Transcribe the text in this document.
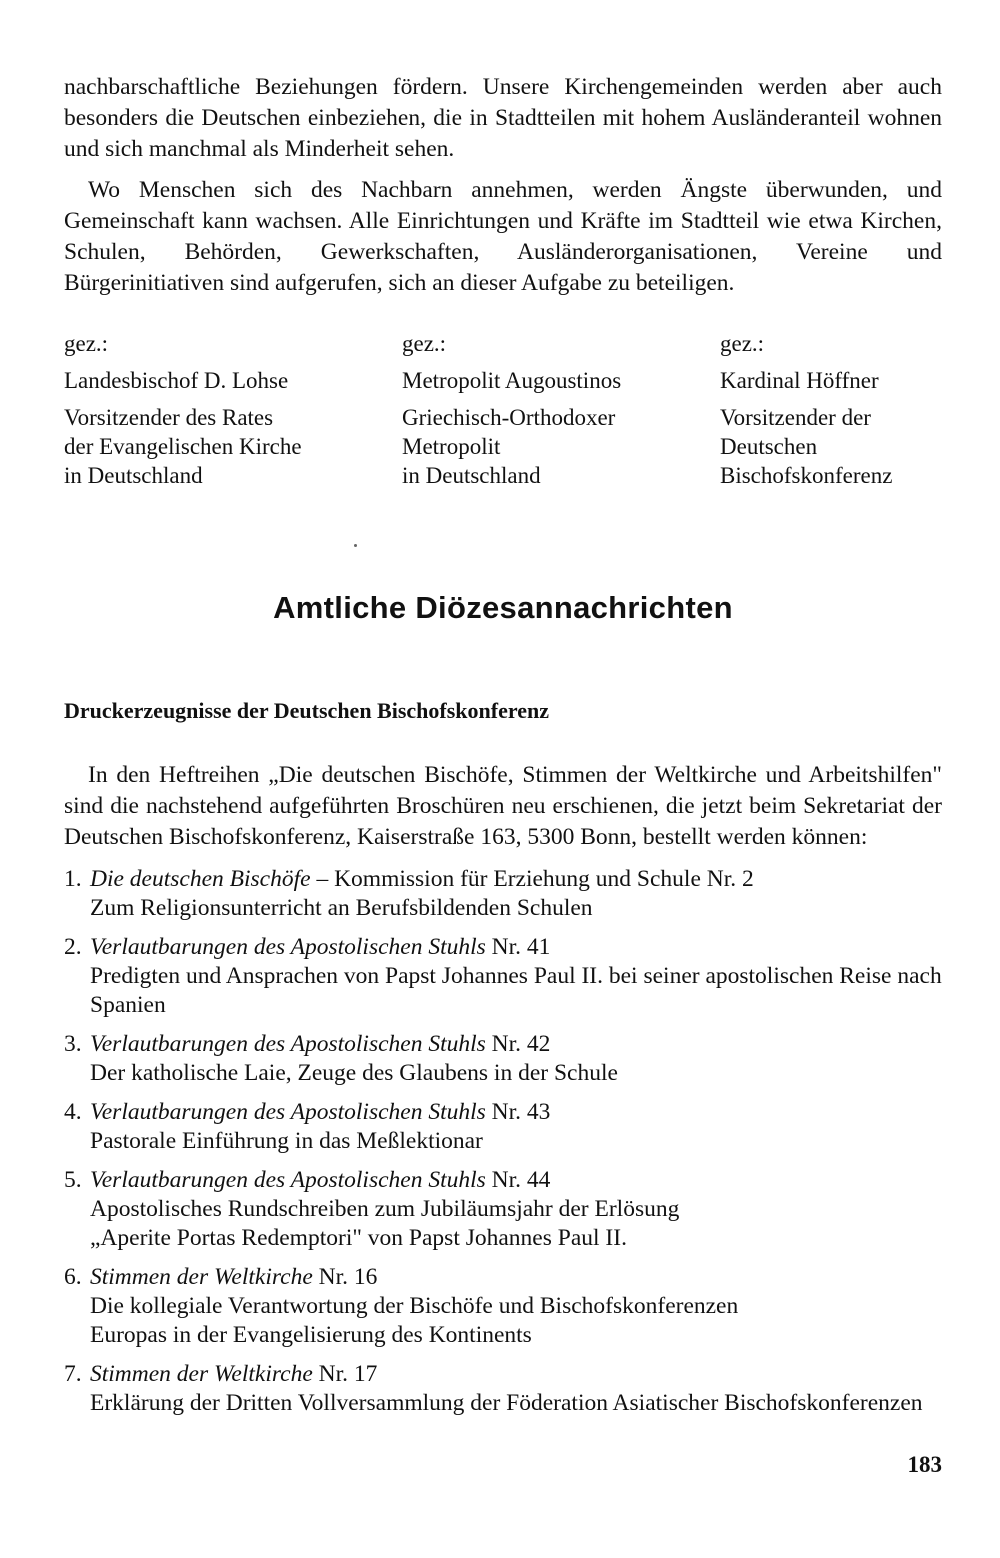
nachbarschaftliche Beziehungen fördern. Unsere Kirchengemeinden werden aber auch besonders die Deutschen einbeziehen, die in Stadtteilen mit hohem Ausländeranteil wohnen und sich manchmal als Minderheit sehen.

Wo Menschen sich des Nachbarn annehmen, werden Ängste überwunden, und Gemeinschaft kann wachsen. Alle Einrichtungen und Kräfte im Stadtteil wie etwa Kirchen, Schulen, Behörden, Gewerkschaften, Ausländerorganisationen, Vereine und Bürgerinitiativen sind aufgerufen, sich an dieser Aufgabe zu beteiligen.

gez.:
Landesbischof D. Lohse
Vorsitzender des Rates
der Evangelischen Kirche
in Deutschland
gez.:
Metropolit Augoustinos
Griechisch-Orthodoxer
Metropolit
in Deutschland
gez.:
Kardinal Höffner
Vorsitzender der
Deutschen
Bischofskonferenz
Amtliche Diözesannachrichten
Druckerzeugnisse der Deutschen Bischofskonferenz

In den Heftreihen „Die deutschen Bischöfe, Stimmen der Weltkirche und Arbeitshilfen" sind die nachstehend aufgeführten Broschüren neu erschienen, die jetzt beim Sekretariat der Deutschen Bischofskonferenz, Kaiserstraße 163, 5300 Bonn, bestellt werden können:

1. Die deutschen Bischöfe – Kommission für Erziehung und Schule Nr. 2
Zum Religionsunterricht an Berufsbildenden Schulen
2. Verlautbarungen des Apostolischen Stuhls Nr. 41
Predigten und Ansprachen von Papst Johannes Paul II. bei seiner apostolischen Reise nach Spanien
3. Verlautbarungen des Apostolischen Stuhls Nr. 42
Der katholische Laie, Zeuge des Glaubens in der Schule
4. Verlautbarungen des Apostolischen Stuhls Nr. 43
Pastorale Einführung in das Meßlektionar
5. Verlautbarungen des Apostolischen Stuhls Nr. 44
Apostolisches Rundschreiben zum Jubiläumsjahr der Erlösung
„Aperite Portas Redemptori" von Papst Johannes Paul II.
6. Stimmen der Weltkirche Nr. 16
Die kollegiale Verantwortung der Bischöfe und Bischofskonferenzen
Europas in der Evangelisierung des Kontinents
7. Stimmen der Weltkirche Nr. 17
Erklärung der Dritten Vollversammlung der Föderation Asiatischer Bischofskonferenzen
183
